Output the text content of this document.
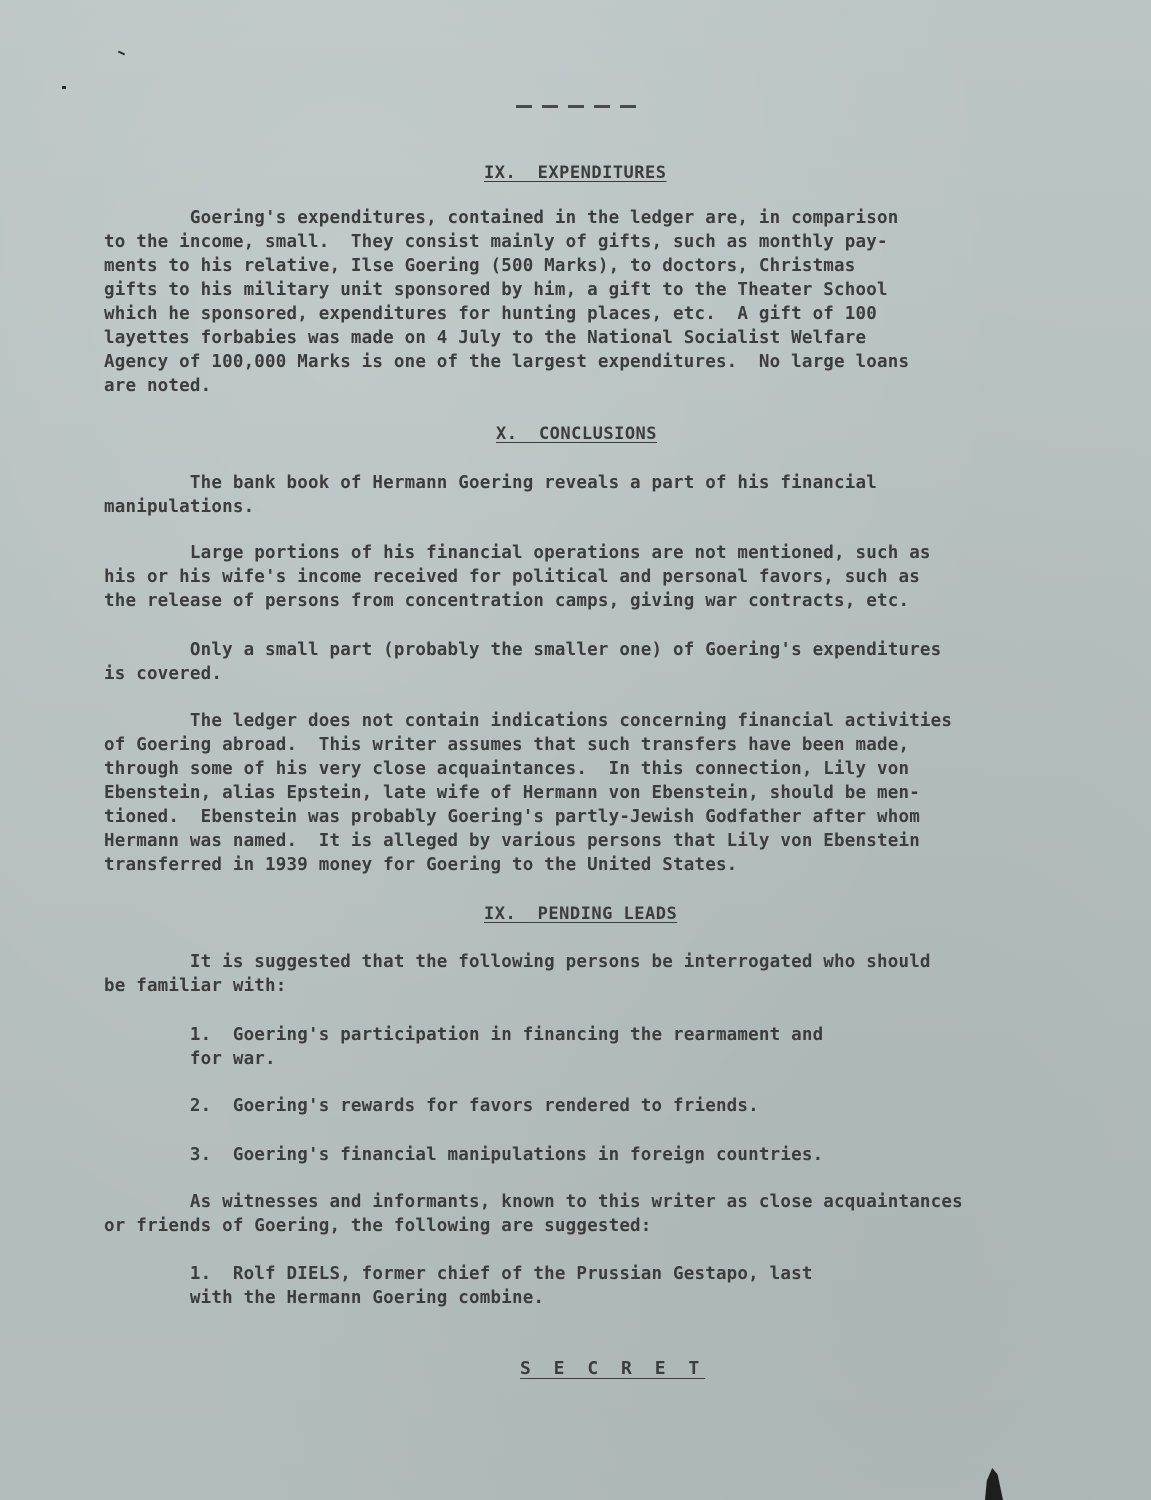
IX.  EXPENDITURES
Goering's expenditures, contained in the ledger are, in comparison
to the income, small.  They consist mainly of gifts, such as monthly pay-
ments to his relative, Ilse Goering (500 Marks), to doctors, Christmas
gifts to his military unit sponsored by him, a gift to the Theater School
which he sponsored, expenditures for hunting places, etc.  A gift of 100
layettes forbabies was made on 4 July to the National Socialist Welfare
Agency of 100,000 Marks is one of the largest expenditures.  No large loans
are noted.
X.  CONCLUSIONS
The bank book of Hermann Goering reveals a part of his financial
manipulations.
Large portions of his financial operations are not mentioned, such as
his or his wife's income received for political and personal favors, such as
the release of persons from concentration camps, giving war contracts, etc.
Only a small part (probably the smaller one) of Goering's expenditures
is covered.
The ledger does not contain indications concerning financial activities
of Goering abroad.  This writer assumes that such transfers have been made,
through some of his very close acquaintances.  In this connection, Lily von
Ebenstein, alias Epstein, late wife of Hermann von Ebenstein, should be men-
tioned.  Ebenstein was probably Goering's partly-Jewish Godfather after whom
Hermann was named.  It is alleged by various persons that Lily von Ebenstein
transferred in 1939 money for Goering to the United States.
IX.  PENDING LEADS
It is suggested that the following persons be interrogated who should
be familiar with:
1.  Goering's participation in financing the rearmament and
for war.
2.  Goering's rewards for favors rendered to friends.
3.  Goering's financial manipulations in foreign countries.
As witnesses and informants, known to this writer as close acquaintances
or friends of Goering, the following are suggested:
1.  Rolf DIELS, former chief of the Prussian Gestapo, last
with the Hermann Goering combine.
S E C R E T
